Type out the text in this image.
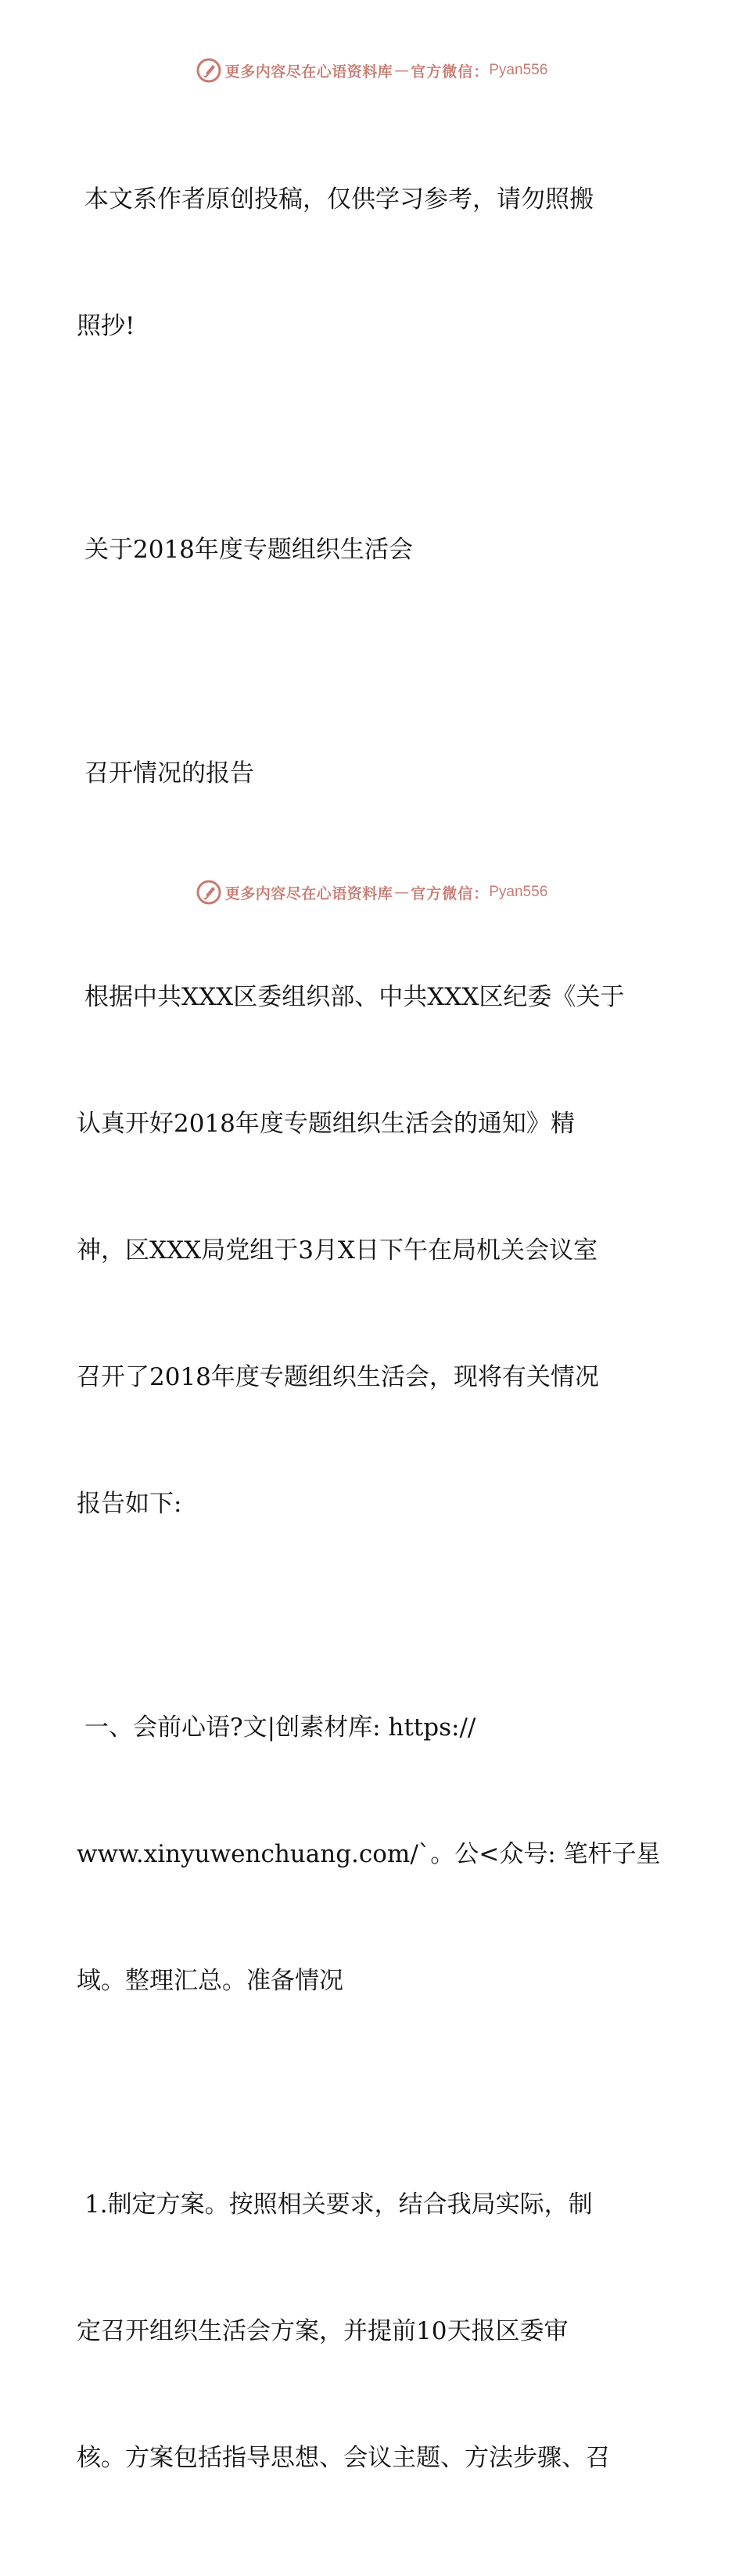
更多内容尽在心语资料库 — 官方微信： Pyan556

本文系作者原创投稿，仅供学习参考，请勿照搬

照抄!

关于2018年度专题组织生活会

召开情况的报告

根据中共XXX区委组织部、中共XXX区纪委《关于

认真开好2018年度专题组织生活会的通知》精

神，区XXX局党组于3月X日下午在局机关会议室

召开了2018年度专题组织生活会，现将有关情况

报告如下:

一、会前心语?文|创素材库: https://

www.xinyuwenchuang.com/`。公<众号: 笔杆子星

域。整理汇总。准备情况

1.制定方案。按照相关要求，结合我局实际，制

定召开组织生活会方案，并提前10天报区委审

核。方案包括指导思想、会议主题、方法步骤、召

更多内容尽在心语资料库 — 官方微信： Pyan556
